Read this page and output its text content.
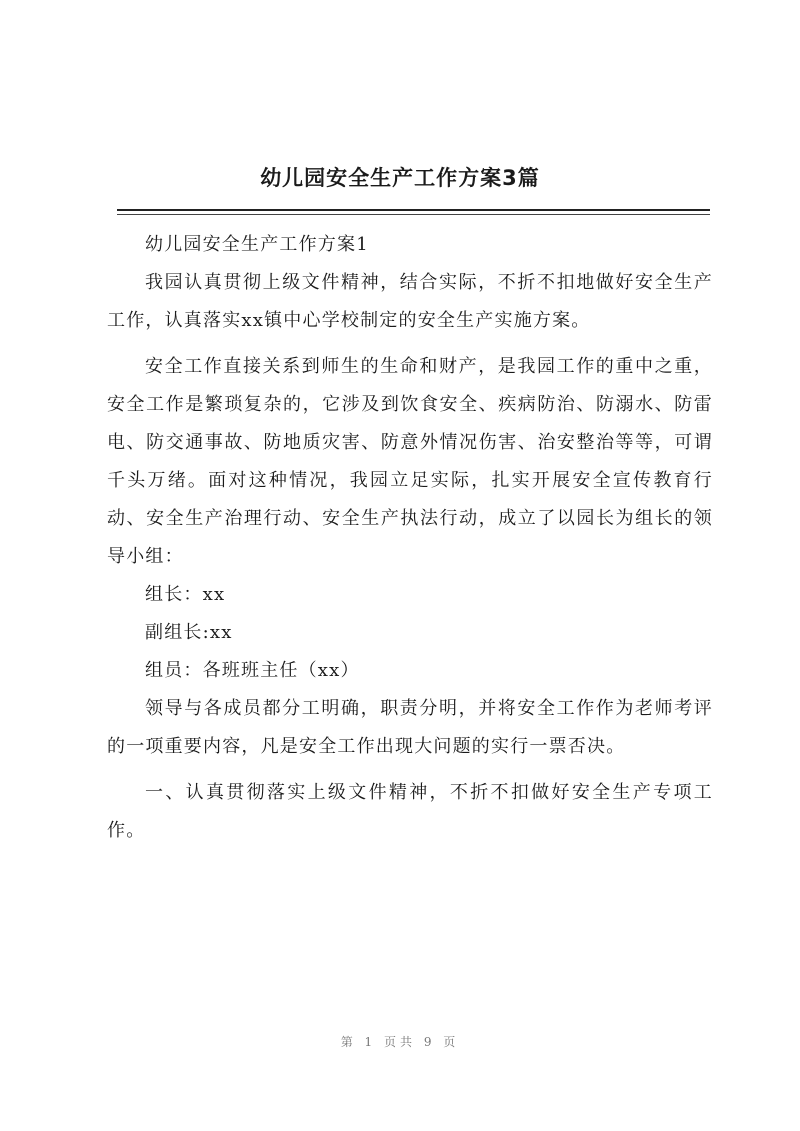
幼儿园安全生产工作方案3篇

幼儿园安全生产工作方案1

我园认真贯彻上级文件精神，结合实际，不折不扣地做好安全生产工作，认真落实xx镇中心学校制定的安全生产实施方案。

安全工作直接关系到师生的生命和财产，是我园工作的重中之重，安全工作是繁琐复杂的，它涉及到饮食安全、疾病防治、防溺水、防雷电、防交通事故、防地质灾害、防意外情况伤害、治安整治等等，可谓千头万绪。面对这种情况，我园立足实际，扎实开展安全宣传教育行动、安全生产治理行动、安全生产执法行动，成立了以园长为组长的领导小组：

组长：xx

副组长:xx

组员：各班班主任（xx）

领导与各成员都分工明确，职责分明，并将安全工作作为老师考评的一项重要内容，凡是安全工作出现大问题的实行一票否决。

一、认真贯彻落实上级文件精神，不折不扣做好安全生产专项工作。

第 1 页共 9 页
